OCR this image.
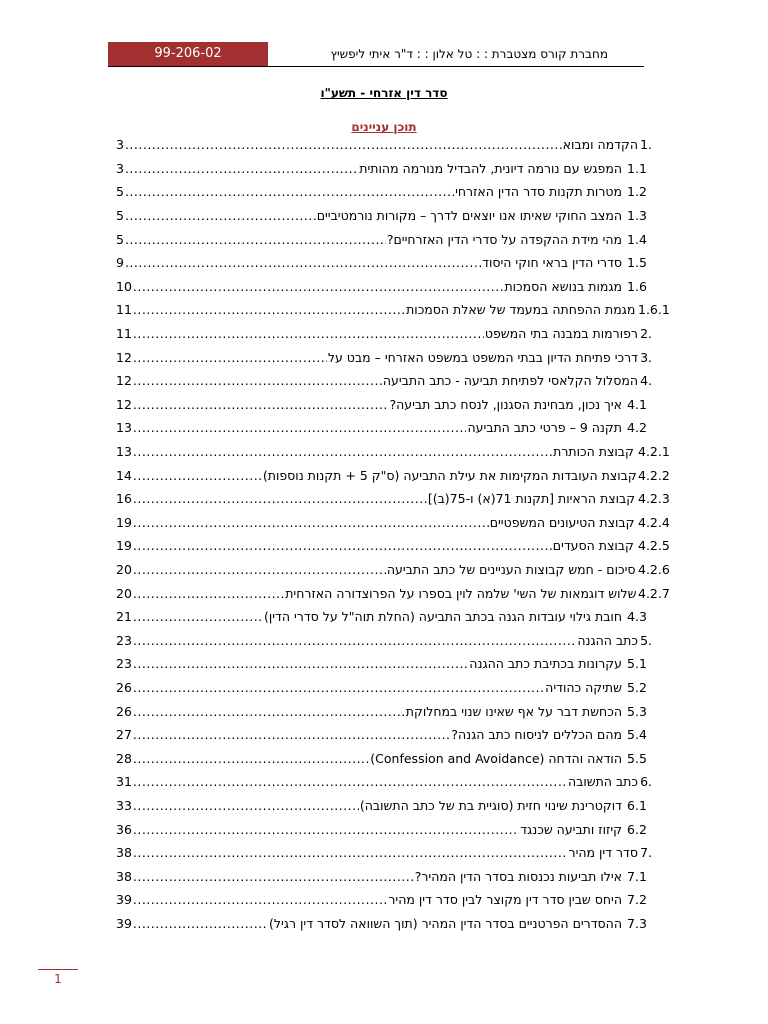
99-206-02	מחברת קורס מצטברת : : טל אלון : : ד"ר איתי ליפשיץ
סדר דין אזרחי - תשע"ו
תוכן עניינים
3 .....	הקדמה ומבוא 1.
3 .....	המפגש עם נורמה דיונית, להבדיל מנורמה מהותית 1.1
5 .....	מטרות תקנות סדר הדין האזרחי 1.2
5 .....	המצב החוקי שאיתו אנו יוצאים לדרך – מקורות נורמטיביים 1.3
5 .....	מהי מידת ההקפדה על סדרי הדין האזרחיים? 1.4
9 .....	סדרי הדין בראי חוקי היסוד 1.5
10 .....	מגמות בנושא הסמכות 1.6
11 .....	מגמת ההפחתה במעמד של שאלת הסמכות 1.6.1
11 .....	רפורמות במבנה בתי המשפט 2.
12 .....	דרכי פתיחת הדיון בבתי המשפט במשפט האזרחי – מבט על 3.
12 .....	המסלול הקלאסי לפתיחת תביעה - כתב התביעה 4.
12 .....	איך נכון, מבחינת הסגנון, לנסח כתב תביעה? 4.1
13 .....	תקנה 9 – פרטי כתב התביעה 4.2
13 .....	קבוצת הכותרת 4.2.1
14 .....	קבוצת העובדות המקימות את עילת התביעה (ס"ק 5 + תקנות נוספות) 4.2.2
16 .....	קבוצת הראיות [תקנות 71(א) ו-75(ב)] 4.2.3
19 .....	קבוצת הטיעונים המשפטיים 4.2.4
19 .....	קבוצת הסעדים 4.2.5
20 .....	סיכום - חמש קבוצות העניינים של כתב התביעה 4.2.6
20 .....	שלוש דוגמאות של השי' שלמה לוין בספרו על הפרוצדורה האזרחית 4.2.7
21 .....	חובת גילוי עובדות הגנה בכתב התביעה (החלת תוה"ל על סדרי הדין) 4.3
23 .....	כתב ההגנה 5.
23 .....	עקרונות בכתיבת כתב ההגנה 5.1
26 .....	שתיקה כהודיה 5.2
26 .....	הכחשת דבר על אף שאינו שנוי במחלוקת 5.3
27 .....	מהם הכללים לניסוח כתב הגנה? 5.4
28 .....	הודאה והדחה (Confession and Avoidance) 5.5
31 .....	כתב התשובה 6.
33 .....	דוקטרינת שינוי חזית (סוגיית בת של כתב התשובה) 6.1
36 .....	קיזוז ותביעה שכנגד 6.2
38 .....	סדר דין מהיר 7.
38 .....	אילו תביעות נכנסות בסדר הדין המהיר? 7.1
39 .....	היחס שבין סדר דין מקוצר לבין סדר דין מהיר 7.2
39 .....	ההסדרים הפרטניים בסדר הדין המהיר (תוך השוואה לסדר דין רגיל) 7.3
1
